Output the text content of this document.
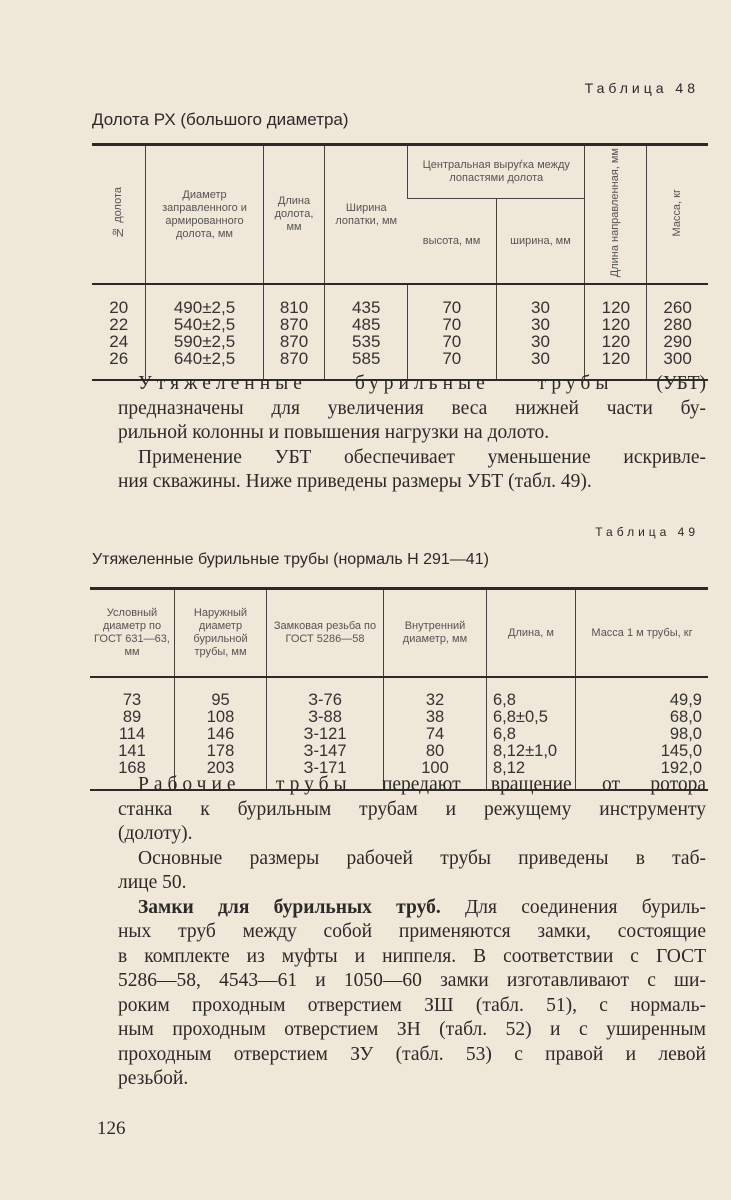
Таблица 48
Долота РХ (большого диаметра)
№ долота	Диаметр заправленного и армированного долота, мм	Длина долота, мм	Ширина лопатки, мм	Центральная выруѓка между лопастями долота		Длина направленная, мм	Масса, кг
				высота, мм	ширина, мм		
20	490±2,5	810	435	70	30	120	260
22	540±2,5	870	485	70	30	120	280
24	590±2,5	870	535	70	30	120	290
26	640±2,5	870	585	70	30	120	300
Утяжеленные бурильные трубы (УБТ)
предназначены для увеличения веса нижней части бу-
рильной колонны и повышения нагрузки на долото.
Применение УБТ обеспечивает уменьшение искривле-
ния скважины. Ниже приведены размеры УБТ (табл. 49).
Таблица 49
Утяжеленные бурильные трубы (нормаль Н 291—41)
Условный диаметр по ГОСТ 631—63, мм	Наружный диаметр бурильной трубы, мм	Замковая резьба по ГОСТ 5286—58	Внутренний диаметр, мм	Длина, м	Масса 1 м трубы, кг
73	95	З-76	32	6,8	49,9
89	108	З-88	38	6,8±0,5	68,0
114	146	З-121	74	6,8	98,0
141	178	З-147	80	8,12±1,0	145,0
168	203	З-171	100	8,12	192,0
Рабочие трубы передают вращение от ротора
станка к бурильным трубам и режущему инструменту
(долоту).
Основные размеры рабочей трубы приведены в таб-
лице 50.
Замки для бурильных труб. Для соединения буриль-
ных труб между собой применяются замки, состоящие
в комплекте из муфты и ниппеля. В соответствии с ГОСТ
5286—58, 4543—61 и 1050—60 замки изготавливают с ши-
роким проходным отверстием ЗШ (табл. 51), с нормаль-
ным проходным отверстием ЗН (табл. 52) и с уширенным
проходным отверстием ЗУ (табл. 53) с правой и левой
резьбой.
126
